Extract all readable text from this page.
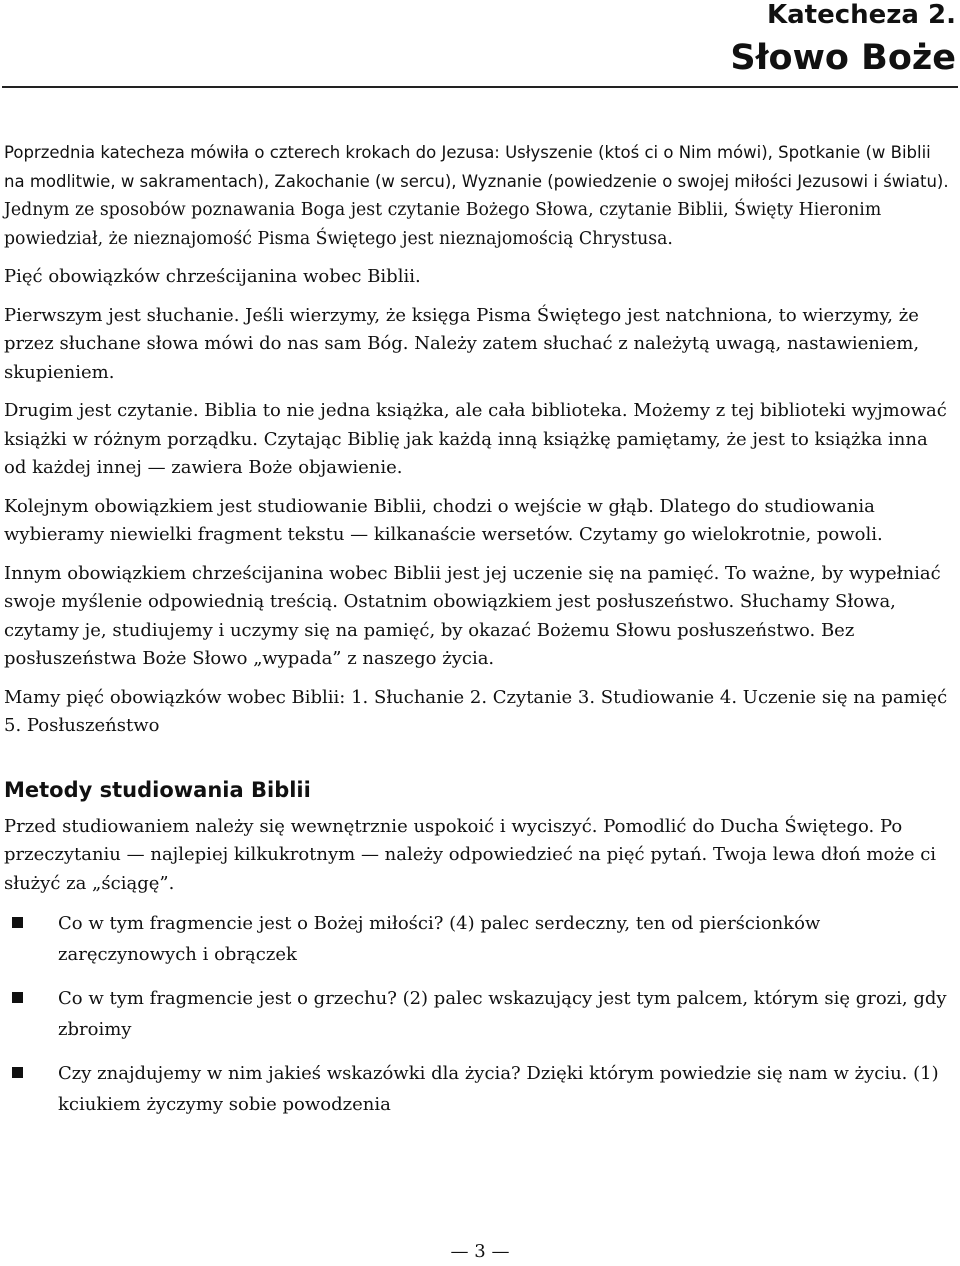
Katecheza 2.
Słowo Boże

Poprzednia katecheza mówiła o czterech krokach do Jezusa: Usłyszenie (ktoś ci o Nim mówi), Spotkanie (w Biblii na modlitwie, w sakramentach), Zakochanie (w sercu), Wyznanie (powiedzenie o swojej miłości Jezusowi i światu). Jednym ze sposobów poznawania Boga jest czytanie Bożego Słowa, czytanie Biblii, Święty Hieronim powiedział, że nieznajomość Pisma Świętego jest nieznajomością Chrystusa.

Pięć obowiązków chrześcijanina wobec Biblii.

Pierwszym jest słuchanie. Jeśli wierzymy, że księga Pisma Świętego jest natchniona, to wierzymy, że przez słuchane słowa mówi do nas sam Bóg. Należy zatem słuchać z należytą uwagą, nastawieniem, skupieniem.

Drugim jest czytanie. Biblia to nie jedna książka, ale cała biblioteka. Możemy z tej biblioteki wyjmować książki w różnym porządku. Czytając Biblię jak każdą inną książkę pamiętamy, że jest to książka inna od każdej innej — zawiera Boże objawienie.

Kolejnym obowiązkiem jest studiowanie Biblii, chodzi o wejście w głąb. Dlatego do studiowania wybieramy niewielki fragment tekstu — kilkanaście wersetów. Czytamy go wielokrotnie, powoli.

Innym obowiązkiem chrześcijanina wobec Biblii jest jej uczenie się na pamięć. To ważne, by wypełniać swoje myślenie odpowiednią treścią. Ostatnim obowiązkiem jest posłuszeństwo. Słuchamy Słowa, czytamy je, studiujemy i uczymy się na pamięć, by okazać Bożemu Słowu posłuszeństwo. Bez posłuszeństwa Boże Słowo „wypada” z naszego życia.

Mamy pięć obowiązków wobec Biblii: 1. Słuchanie 2. Czytanie 3. Studiowanie 4. Uczenie się na pamięć 5. Posłuszeństwo

Metody studiowania Biblii

Przed studiowaniem należy się wewnętrznie uspokoić i wyciszyć. Pomodlić do Ducha Świętego. Po przeczytaniu — najlepiej kilkukrotnym — należy odpowiedzieć na pięć pytań. Twoja lewa dłoń może ci służyć za „ściągę”.

Co w tym fragmencie jest o Bożej miłości? (4) palec serdeczny, ten od pierścionków zaręczynowych i obrączek
Co w tym fragmencie jest o grzechu? (2) palec wskazujący jest tym palcem, którym się grozi, gdy zbroimy
Czy znajdujemy w nim jakieś wskazówki dla życia? Dzięki którym powiedzie się nam w życiu. (1) kciukiem życzymy sobie powodzenia
— 3 —
